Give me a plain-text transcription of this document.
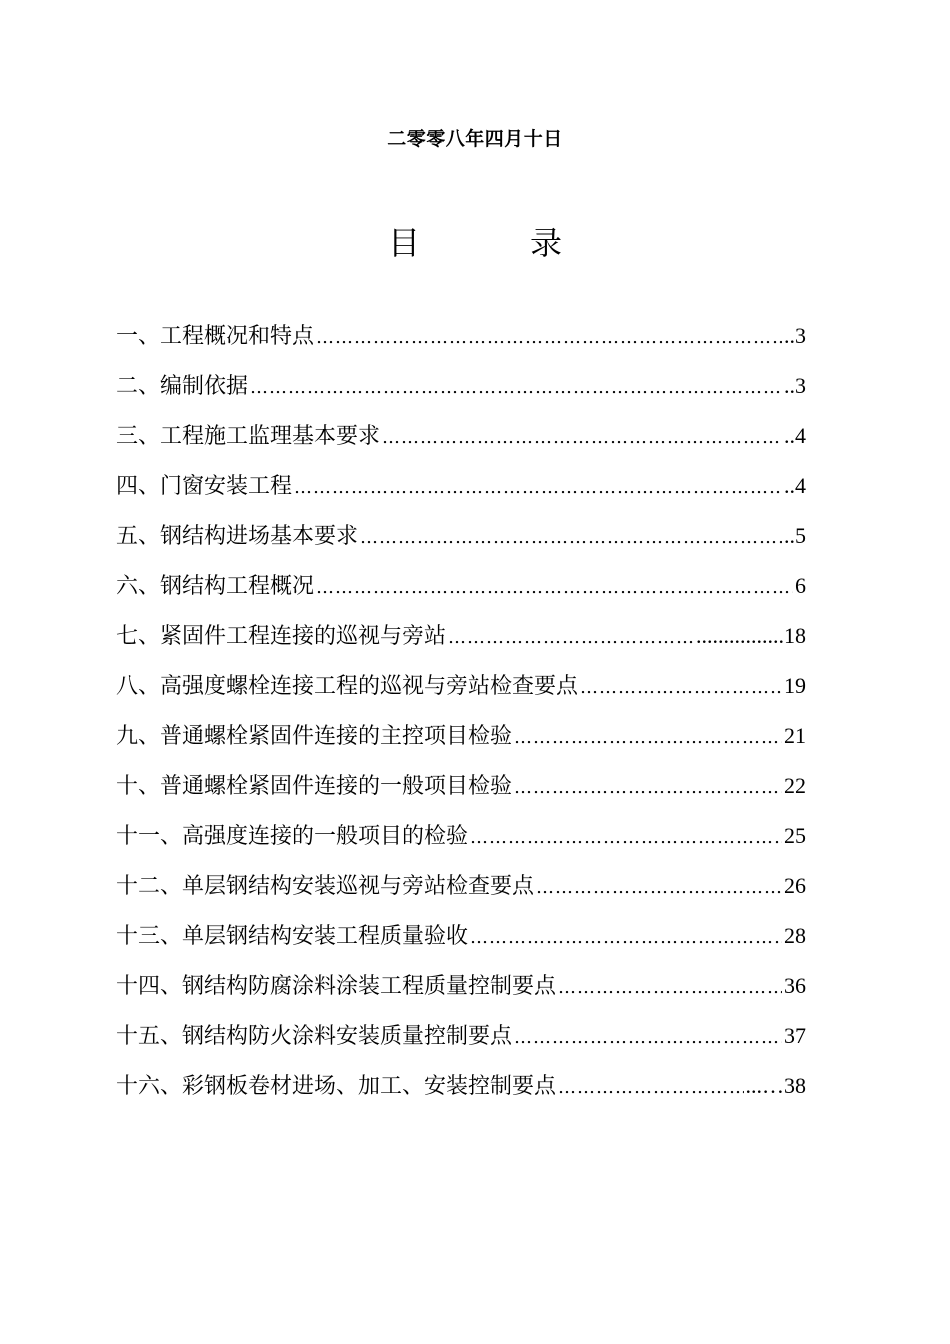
二零零八年四月十日
目	录
一、工程概况和特点 ……………………………………………………………………………………………………………………………………………	..3
二、编制依据 ……………………………………………………………………………………………………………………………………………	..3
三、工程施工监理基本要求 ……………………………………………………………………………………………………………………………………………	..4
四、门窗安装工程 ……………………………………………………………………………………………………………………………………………	..4
五、钢结构进场基本要求 ……………………………………………………………………………………………………………………………………………	..5
六、钢结构工程概况 ……………………………………………………………………………………………………………………………………………	6
七、紧固件工程连接的巡视与旁站 ……………………………………………………………………………………………………………………………………………	................18
八、高强度螺栓连接工程的巡视与旁站检查要点 ……………………………………………………………………………………………………………………………………………	19
九、普通螺栓紧固件连接的主控项目检验 ……………………………………………………………………………………………………………………………………………	21
十、普通螺栓紧固件连接的一般项目检验 ……………………………………………………………………………………………………………………………………………	22
十一、高强度连接的一般项目的检验 ……………………………………………………………………………………………………………………………………………	25
十二、单层钢结构安装巡视与旁站检查要点 ……………………………………………………………………………………………………………………………………………	26
十三、单层钢结构安装工程质量验收 ……………………………………………………………………………………………………………………………………………	28
十四、钢结构防腐涂料涂装工程质量控制要点 ……………………………………………………………………………………………………………………………………………	36
十五、钢结构防火涂料安装质量控制要点 ……………………………………………………………………………………………………………………………………………	37
十六、彩钢板卷材进场、加工、安装控制要点 ……………………………………………………………………………………………………………………………………………	...…38
